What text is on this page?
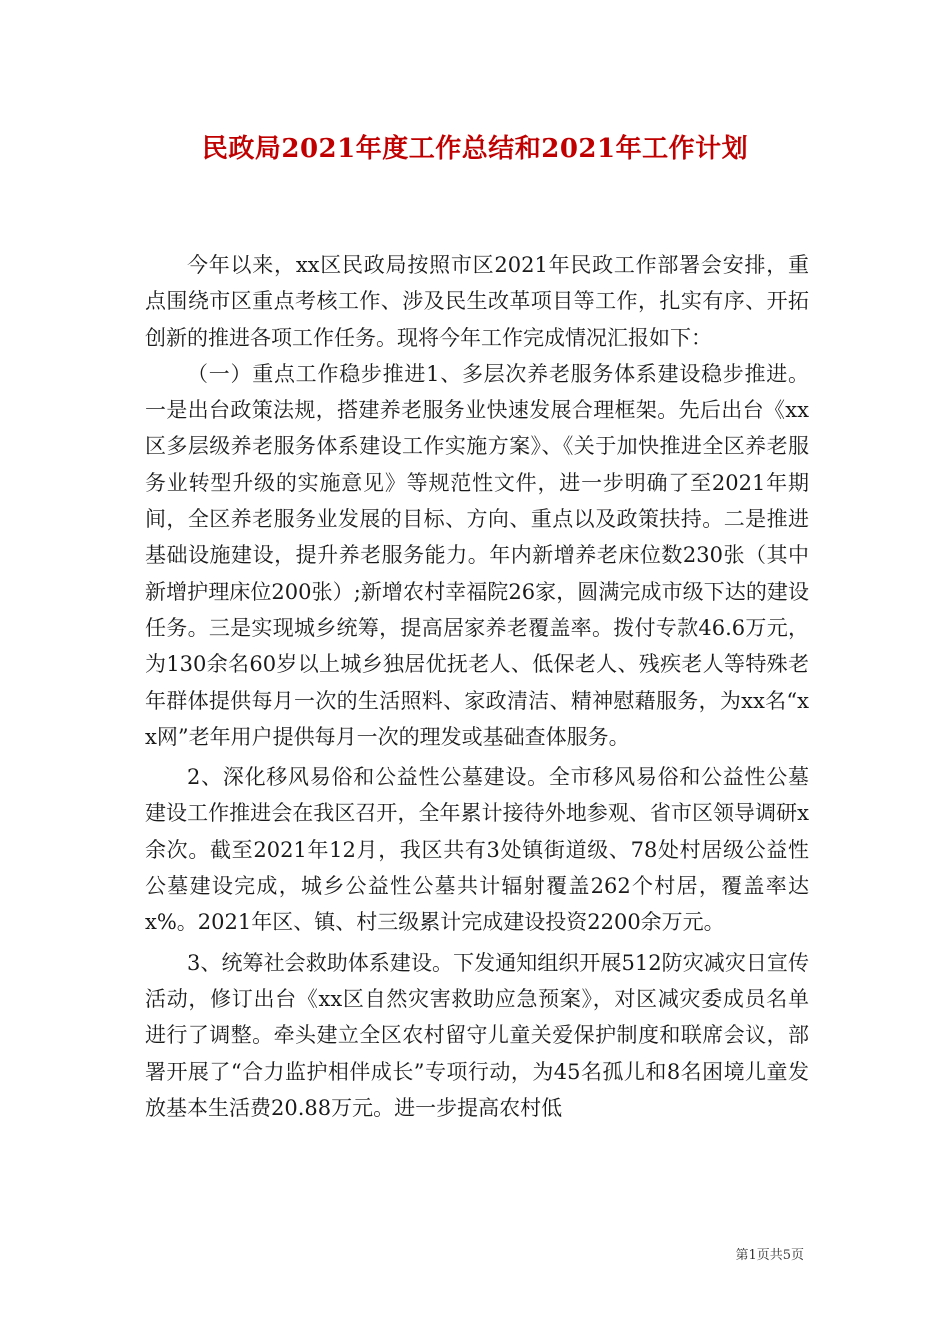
民政局2021年度工作总结和2021年工作计划

今年以来，xx区民政局按照市区2021年民政工作部署会安排，重点围绕市区重点考核工作、涉及民生改革项目等工作，扎实有序、开拓创新的推进各项工作任务。现将今年工作完成情况汇报如下：

（一）重点工作稳步推进1、多层次养老服务体系建设稳步推进。一是出台政策法规，搭建养老服务业快速发展合理框架。先后出台《xx区多层级养老服务体系建设工作实施方案》、《关于加快推进全区养老服务业转型升级的实施意见》等规范性文件，进一步明确了至2021年期间，全区养老服务业发展的目标、方向、重点以及政策扶持。二是推进基础设施建设，提升养老服务能力。年内新增养老床位数230张（其中新增护理床位200张）;新增农村幸福院26家，圆满完成市级下达的建设任务。三是实现城乡统筹，提高居家养老覆盖率。拨付专款46.6万元，为130余名60岁以上城乡独居优抚老人、低保老人、残疾老人等特殊老年群体提供每月一次的生活照料、家政清洁、精神慰藉服务，为xx名“xx网”老年用户提供每月一次的理发或基础查体服务。

2、深化移风易俗和公益性公墓建设。全市移风易俗和公益性公墓建设工作推进会在我区召开，全年累计接待外地参观、省市区领导调研x余次。截至2021年12月，我区共有3处镇街道级、78处村居级公益性公墓建设完成，城乡公益性公墓共计辐射覆盖262个村居，覆盖率达x%。2021年区、镇、村三级累计完成建设投资2200余万元。

3、统筹社会救助体系建设。下发通知组织开展512防灾减灾日宣传活动，修订出台《xx区自然灾害救助应急预案》，对区减灾委成员名单进行了调整。牵头建立全区农村留守儿童关爱保护制度和联席会议，部署开展了“合力监护相伴成长”专项行动，为45名孤儿和8名困境儿童发放基本生活费20.88万元。进一步提高农村低

第1页共5页
